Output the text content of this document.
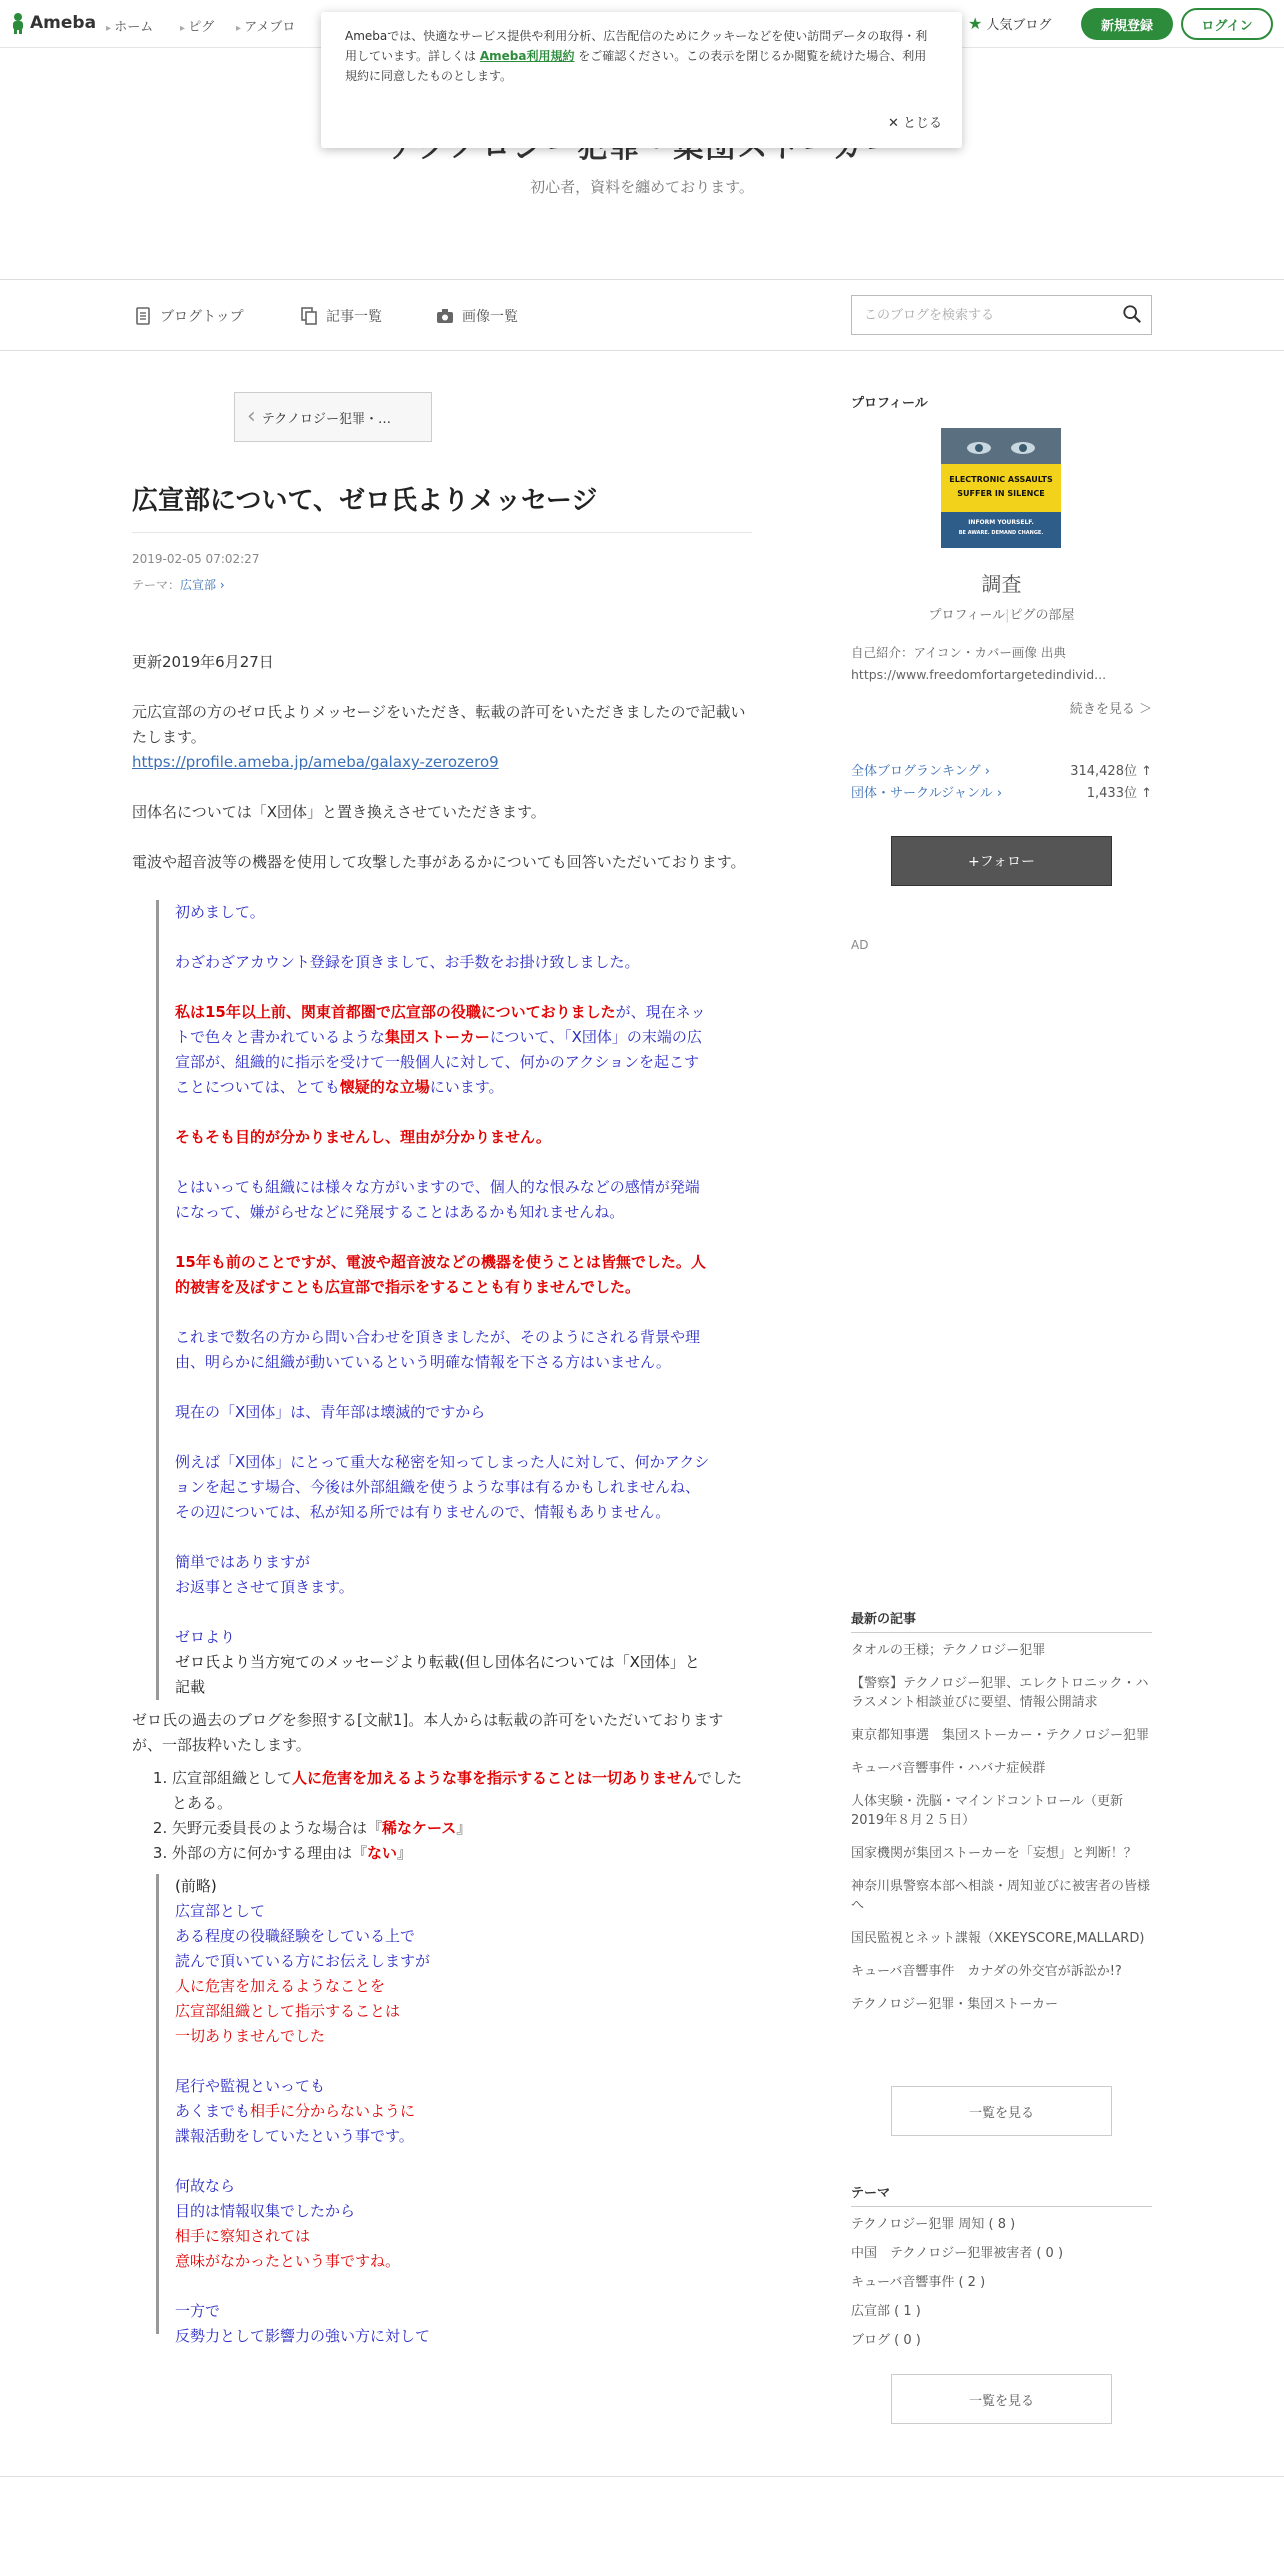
Ameba	▸ ホーム	▸ ピグ	▸ アメブロ	★ 人気ブログ	新規登録	ログイン
初心者，資料を纏めております。

Amebaでは、快適なサービス提供や利用分析、広告配信のためにクッキーなどを使い訪問データの取得・利用しています。詳しくは Ameba利用規約 をご確認ください。この表示を閉じるか閲覧を続けた場合、利用規約に同意したものとします。

✕ とじる
ブログトップ	記事一覧	画像一覧
このブログを検索する
‹ テクノロジー犯罪・…
広宣部について、ゼロ氏よりメッセージ
2019-02-05 07:02:27
テーマ：広宣部 ›

更新2019年6月27日

元広宣部の方のゼロ氏よりメッセージをいただき、転載の許可をいただきましたので記載いたします。
https://profile.ameba.jp/ameba/galaxy-zerozero9

団体名については「X団体」と置き換えさせていただきます。

電波や超音波等の機器を使用して攻撃した事があるかについても回答いただいております。

初めまして。

わざわざアカウント登録を頂きまして、お手数をお掛け致しました。

私は15年以上前、関東首都圏で広宣部の役職についておりましたが、現在ネットで色々と書かれているような集団ストーカーについて、「X団体」の末端の広宣部が、組織的に指示を受けて一般個人に対して、何かのアクションを起こすことについては、とても懐疑的な立場にいます。

そもそも目的が分かりませんし、理由が分かりません。

とはいっても組織には様々な方がいますので、個人的な恨みなどの感情が発端になって、嫌がらせなどに発展することはあるかも知れませんね。

15年も前のことですが、電波や超音波などの機器を使うことは皆無でした。人的被害を及ぼすことも広宣部で指示をすることも有りませんでした。

これまで数名の方から問い合わせを頂きましたが、そのようにされる背景や理由、明らかに組織が動いているという明確な情報を下さる方はいません。

現在の「X団体」は、青年部は壊滅的ですから

例えば「X団体」にとって重大な秘密を知ってしまった人に対して、何かアクションを起こす場合、今後は外部組織を使うような事は有るかもしれませんね、その辺については、私が知る所では有りませんので、情報もありません。

簡単ではありますが
お返事とさせて頂きます。

ゼロより

ゼロ氏より当方宛てのメッセージより転載(但し団体名については「X団体」と記載

ゼロ氏の過去のブログを参照する[文献1]。本人からは転載の許可をいただいておりますが、一部抜粋いたします。

1. 広宣部組織として人に危害を加えるような事を指示することは一切ありませんでしたとある。
2. 矢野元委員長のような場合は『稀なケース』
3. 外部の方に何かする理由は『ない』

(前略)

広宣部として

ある程度の役職経験をしている上で

読んで頂いている方にお伝えしますが

人に危害を加えるようなことを

広宣部組織として指示することは

一切ありませんでした

尾行や監視といっても

あくまでも相手に分からないように

諜報活動をしていたという事です。

何故なら

目的は情報収集でしたから

相手に察知されては

意味がなかったという事ですね。

一方で

反勢力として影響力の強い方に対して

プロフィール
ELECTRONIC ASSAULTS
SUFFER IN SILENCE
INFORM YOURSELF.
BE AWARE. DEMAND CHANGE.
調査
プロフィール|ピグの部屋
自己紹介：アイコン・カバー画像 出典
https://www.freedomfortargetedindivid...
続きを見る ＞
全体ブログランキング ›	314,428位 ↑
団体・サークルジャンル ›	1,433位 ↑
+フォロー
AD
最新の記事
タオルの王様；テクノロジー犯罪
【警察】テクノロジー犯罪、エレクトロニック・ハラスメント相談並びに要望、情報公開請求
東京都知事選　集団ストーカー・テクノロジー犯罪
キューバ音響事件・ハバナ症候群
人体実験・洗脳・マインドコントロール（更新2019年８月２５日）
国家機関が集団ストーカーを「妄想」と判断！？
神奈川県警察本部へ相談・周知並びに被害者の皆様へ
国民監視とネット諜報（XKEYSCORE,MALLARD)
キューバ音響事件　カナダの外交官が訴訟か!?
テクノロジー犯罪・集団ストーカー
一覧を見る
テーマ
テクノロジー犯罪 周知 ( 8 )
中国　テクノロジー犯罪被害者 ( 0 )
キューバ音響事件 ( 2 )
広宣部 ( 1 )
ブログ ( 0 )
一覧を見る
